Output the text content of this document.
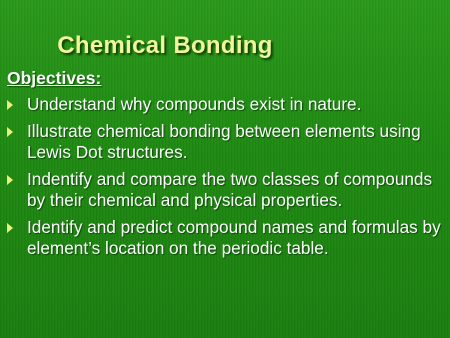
Chemical Bonding
Objectives:
Understand why compounds exist in nature.
Illustrate chemical bonding between elements using Lewis Dot structures.
Indentify and compare the two classes of compounds by their chemical and physical properties.
Identify and predict compound names and formulas by element’s location on the periodic table.
